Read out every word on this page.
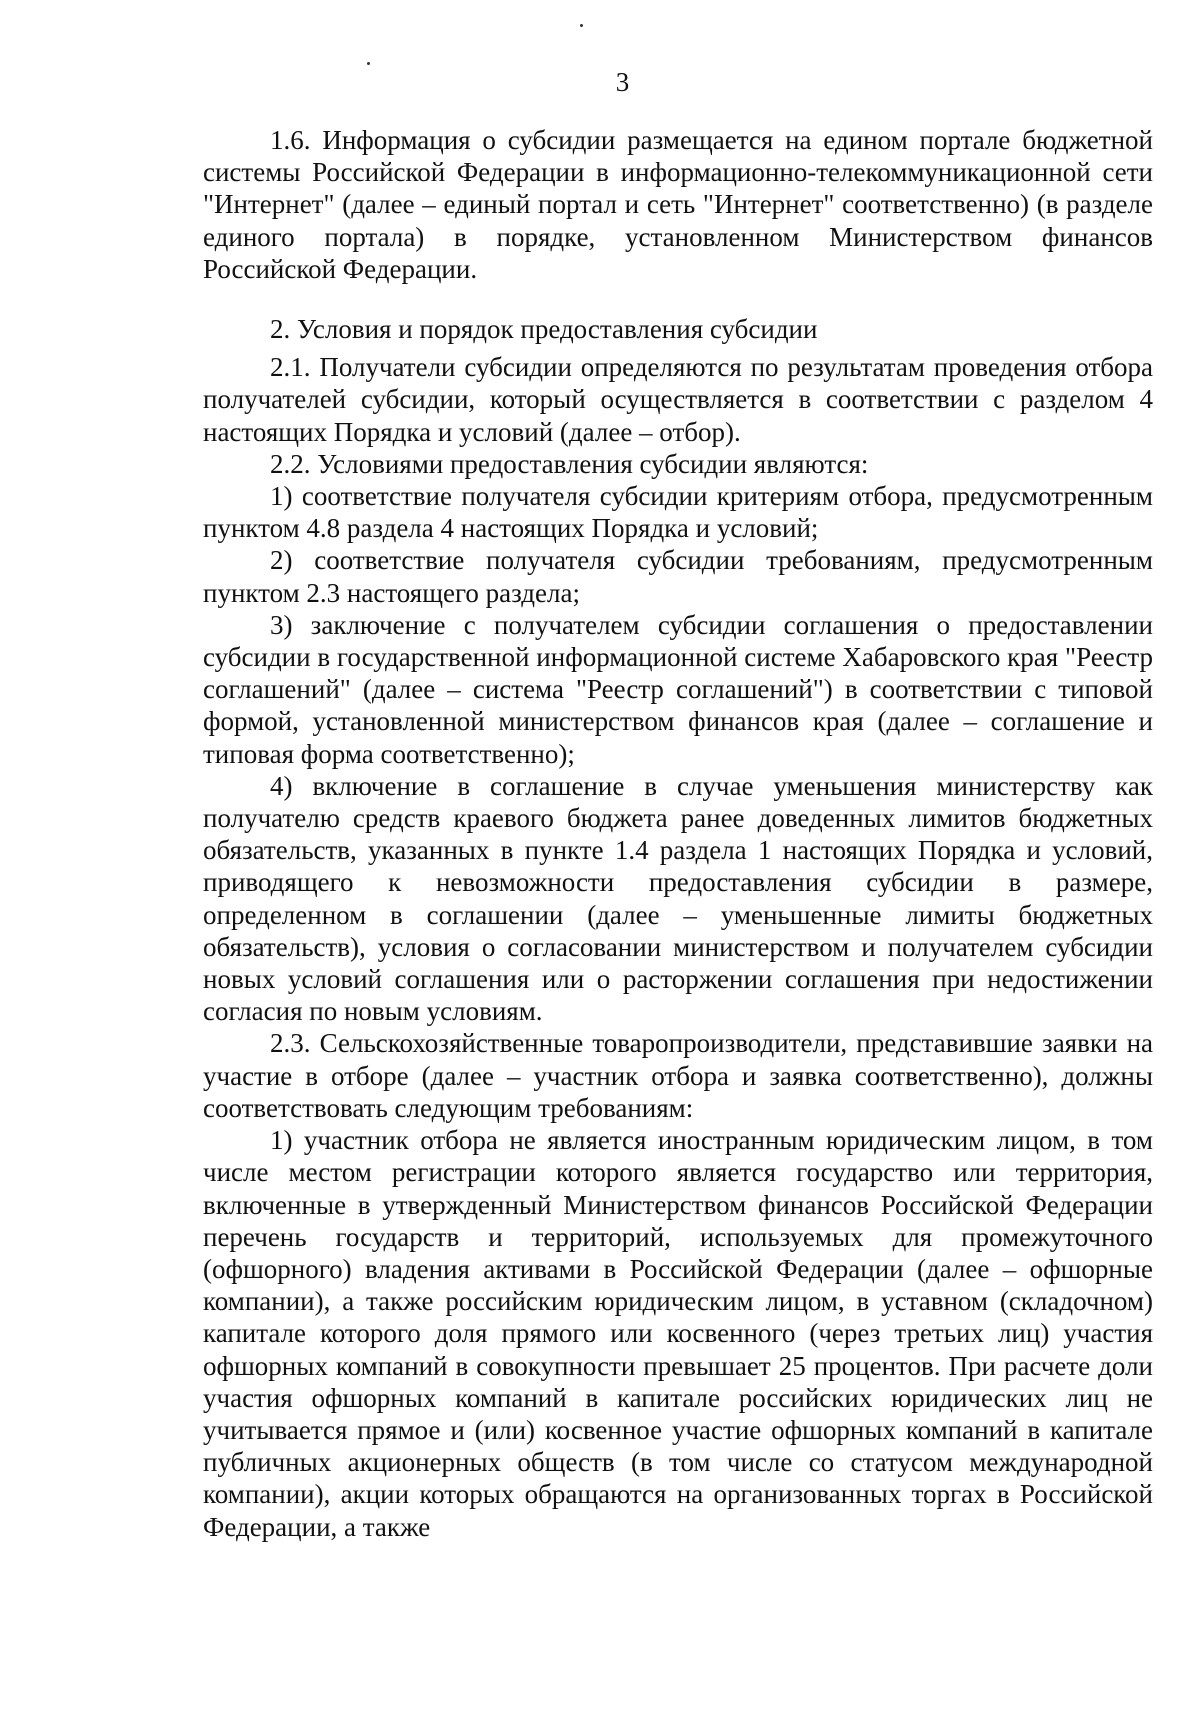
3

1.6. Информация о субсидии размещается на едином портале бюджетной системы Российской Федерации в информационно-телекоммуникационной сети "Интернет" (далее – единый портал и сеть "Интернет" соответственно) (в разделе единого портала) в порядке, установленном Министерством финансов Российской Федерации.

2. Условия и порядок предоставления субсидии

2.1. Получатели субсидии определяются по результатам проведения отбора получателей субсидии, который осуществляется в соответствии с разделом 4 настоящих Порядка и условий (далее – отбор).

2.2. Условиями предоставления субсидии являются:

1) соответствие получателя субсидии критериям отбора, предусмотренным пунктом 4.8 раздела 4 настоящих Порядка и условий;

2) соответствие получателя субсидии требованиям, предусмотренным пунктом 2.3 настоящего раздела;

3) заключение с получателем субсидии соглашения о предоставлении субсидии в государственной информационной системе Хабаровского края "Реестр соглашений" (далее – система "Реестр соглашений") в соответствии с типовой формой, установленной министерством финансов края (далее – соглашение и типовая форма соответственно);

4) включение в соглашение в случае уменьшения министерству как получателю средств краевого бюджета ранее доведенных лимитов бюджетных обязательств, указанных в пункте 1.4 раздела 1 настоящих Порядка и условий, приводящего к невозможности предоставления субсидии в размере, определенном в соглашении (далее – уменьшенные лимиты бюджетных обязательств), условия о согласовании министерством и получателем субсидии новых условий соглашения или о расторжении соглашения при недостижении согласия по новым условиям.

2.3. Сельскохозяйственные товаропроизводители, представившие заявки на участие в отборе (далее – участник отбора и заявка соответственно), должны соответствовать следующим требованиям:

1) участник отбора не является иностранным юридическим лицом, в том числе местом регистрации которого является государство или территория, включенные в утвержденный Министерством финансов Российской Федерации перечень государств и территорий, используемых для промежуточного (офшорного) владения активами в Российской Федерации (далее – офшорные компании), а также российским юридическим лицом, в уставном (складочном) капитале которого доля прямого или косвенного (через третьих лиц) участия офшорных компаний в совокупности превышает 25 процентов. При расчете доли участия офшорных компаний в капитале российских юридических лиц не учитывается прямое и (или) косвенное участие офшорных компаний в капитале публичных акционерных обществ (в том числе со статусом международной компании), акции которых обращаются на организованных торгах в Российской Федерации, а также
